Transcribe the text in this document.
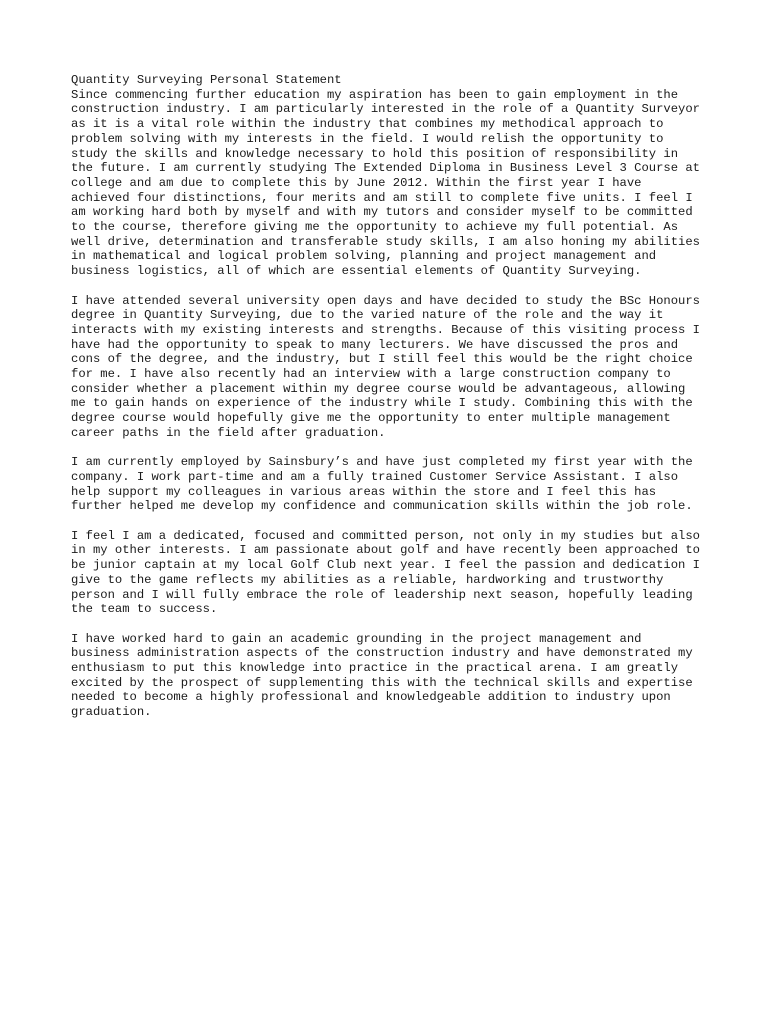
Quantity Surveying Personal Statement

Since commencing further education my aspiration has been to gain employment in the construction industry. I am particularly interested in the role of a Quantity Surveyor as it is a vital role within the industry that combines my methodical approach to problem solving with my interests in the field. I would relish the opportunity to study the skills and knowledge necessary to hold this position of responsibility in the future. I am currently studying The Extended Diploma in Business Level 3 Course at college and am due to complete this by June 2012. Within the first year I have achieved four distinctions, four merits and am still to complete five units. I feel I am working hard both by myself and with my tutors and consider myself to be committed to the course, therefore giving me the opportunity to achieve my full potential. As well drive, determination and transferable study skills, I am also honing my abilities in mathematical and logical problem solving, planning and project management and business logistics, all of which are essential elements of Quantity Surveying.

I have attended several university open days and have decided to study the BSc Honours degree in Quantity Surveying, due to the varied nature of the role and the way it interacts with my existing interests and strengths. Because of this visiting process I have had the opportunity to speak to many lecturers. We have discussed the pros and cons of the degree, and the industry, but I still feel this would be the right choice for me. I have also recently had an interview with a large construction company to consider whether a placement within my degree course would be advantageous, allowing me to gain hands on experience of the industry while I study. Combining this with the degree course would hopefully give me the opportunity to enter multiple management career paths in the field after graduation.

I am currently employed by Sainsbury’s and have just completed my first year with the company. I work part-time and am a fully trained Customer Service Assistant. I also help support my colleagues in various areas within the store and I feel this has further helped me develop my confidence and communication skills within the job role.

I feel I am a dedicated, focused and committed person, not only in my studies but also in my other interests. I am passionate about golf and have recently been approached to be junior captain at my local Golf Club next year. I feel the passion and dedication I give to the game reflects my abilities as a reliable, hardworking and trustworthy person and I will fully embrace the role of leadership next season, hopefully leading the team to success.

I have worked hard to gain an academic grounding in the project management and business administration aspects of the construction industry and have demonstrated my enthusiasm to put this knowledge into practice in the practical arena. I am greatly excited by the prospect of supplementing this with the technical skills and expertise needed to become a highly professional and knowledgeable addition to industry upon graduation.
